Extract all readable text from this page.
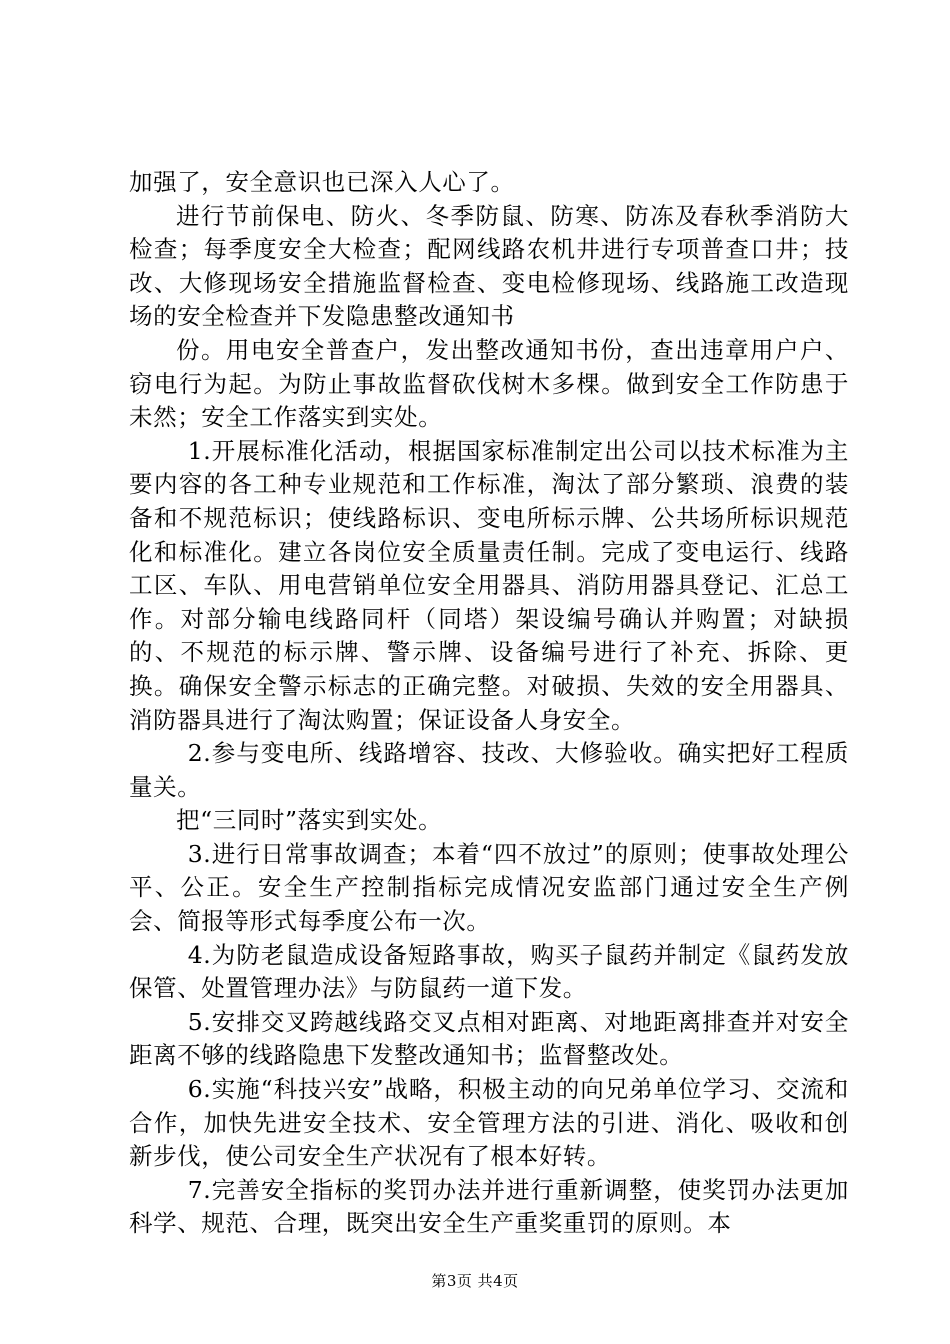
加强了，安全意识也已深入人心了。

进行节前保电、防火、冬季防鼠、防寒、防冻及春秋季消防大检查；每季度安全大检查；配网线路农机井进行专项普查口井；技改、大修现场安全措施监督检查、变电检修现场、线路施工改造现场的安全检查并下发隐患整改通知书

份。用电安全普查户，发出整改通知书份，查出违章用户户、窃电行为起。为防止事故监督砍伐树木多棵。做到安全工作防患于未然；安全工作落实到实处。

1.开展标准化活动，根据国家标准制定出公司以技术标准为主要内容的各工种专业规范和工作标准，淘汰了部分繁琐、浪费的装备和不规范标识；使线路标识、变电所标示牌、公共场所标识规范化和标准化。建立各岗位安全质量责任制。完成了变电运行、线路工区、车队、用电营销单位安全用器具、消防用器具登记、汇总工作。对部分输电线路同杆（同塔）架设编号确认并购置；对缺损的、不规范的标示牌、警示牌、设备编号进行了补充、拆除、更换。确保安全警示标志的正确完整。对破损、失效的安全用器具、消防器具进行了淘汰购置；保证设备人身安全。

2.参与变电所、线路增容、技改、大修验收。确实把好工程质量关。

把“三同时”落实到实处。

3.进行日常事故调查；本着“四不放过”的原则；使事故处理公平、公正。安全生产控制指标完成情况安监部门通过安全生产例会、简报等形式每季度公布一次。

4.为防老鼠造成设备短路事故，购买子鼠药并制定《鼠药发放保管、处置管理办法》与防鼠药一道下发。

5.安排交叉跨越线路交叉点相对距离、对地距离排查并对安全距离不够的线路隐患下发整改通知书；监督整改处。

6.实施“科技兴安”战略，积极主动的向兄弟单位学习、交流和合作，加快先进安全技术、安全管理方法的引进、消化、吸收和创新步伐，使公司安全生产状况有了根本好转。

7.完善安全指标的奖罚办法并进行重新调整，使奖罚办法更加科学、规范、合理，既突出安全生产重奖重罚的原则。本

第3页 共4页
